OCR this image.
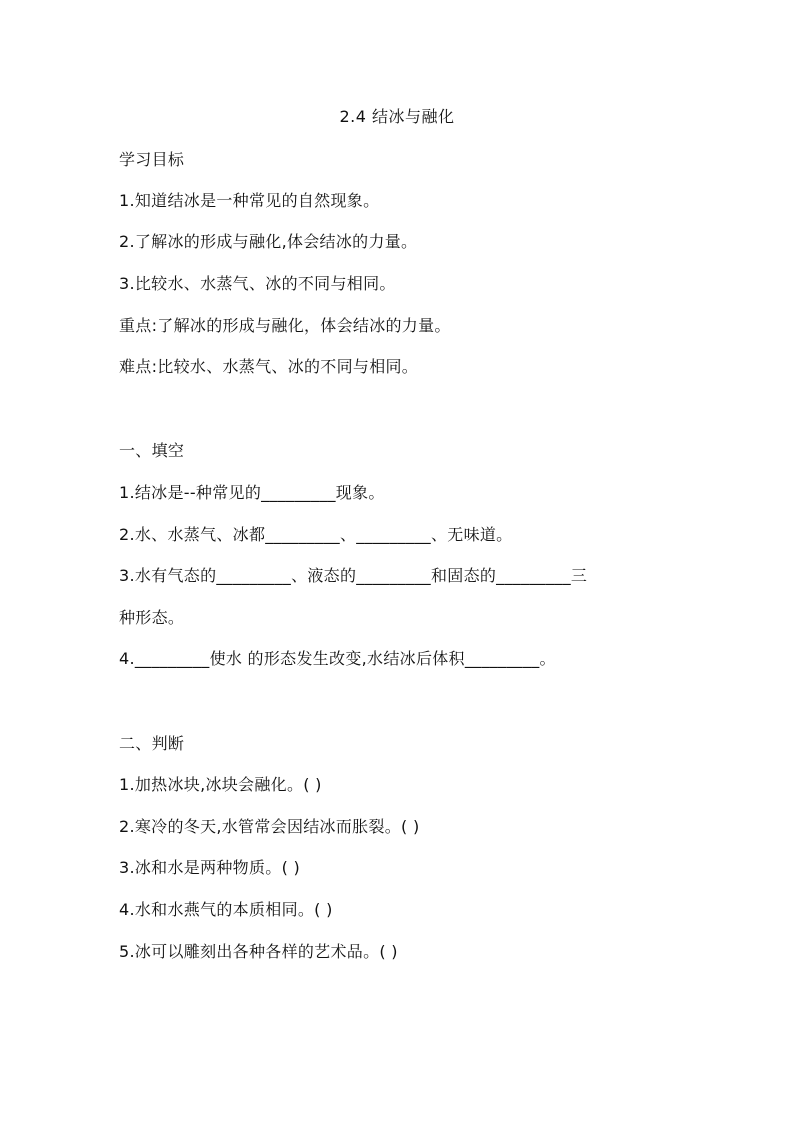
2.4 结冰与融化
学习目标
1.知道结冰是一种常见的自然现象。
2.了解冰的形成与融化,体会结冰的力量。
3.比较水、水蒸气、冰的不同与相同。
重点:了解冰的形成与融化，体会结冰的力量。
难点:比较水、水蒸气、冰的不同与相同。
一、填空
1.结冰是--种常见的_________现象。
2.水、水蒸气、冰都_________、_________、无味道。
3.水有气态的_________、液态的_________和固态的_________三
种形态。
4._________使水 的形态发生改变,水结冰后体积_________。
二、判断
1.加热冰块,冰块会融化。( )
2.寒冷的冬天,水管常会因结冰而胀裂。( )
3.冰和水是两种物质。( )
4.水和水燕气的本质相同。( )
5.冰可以雕刻出各种各样的艺术品。( )
